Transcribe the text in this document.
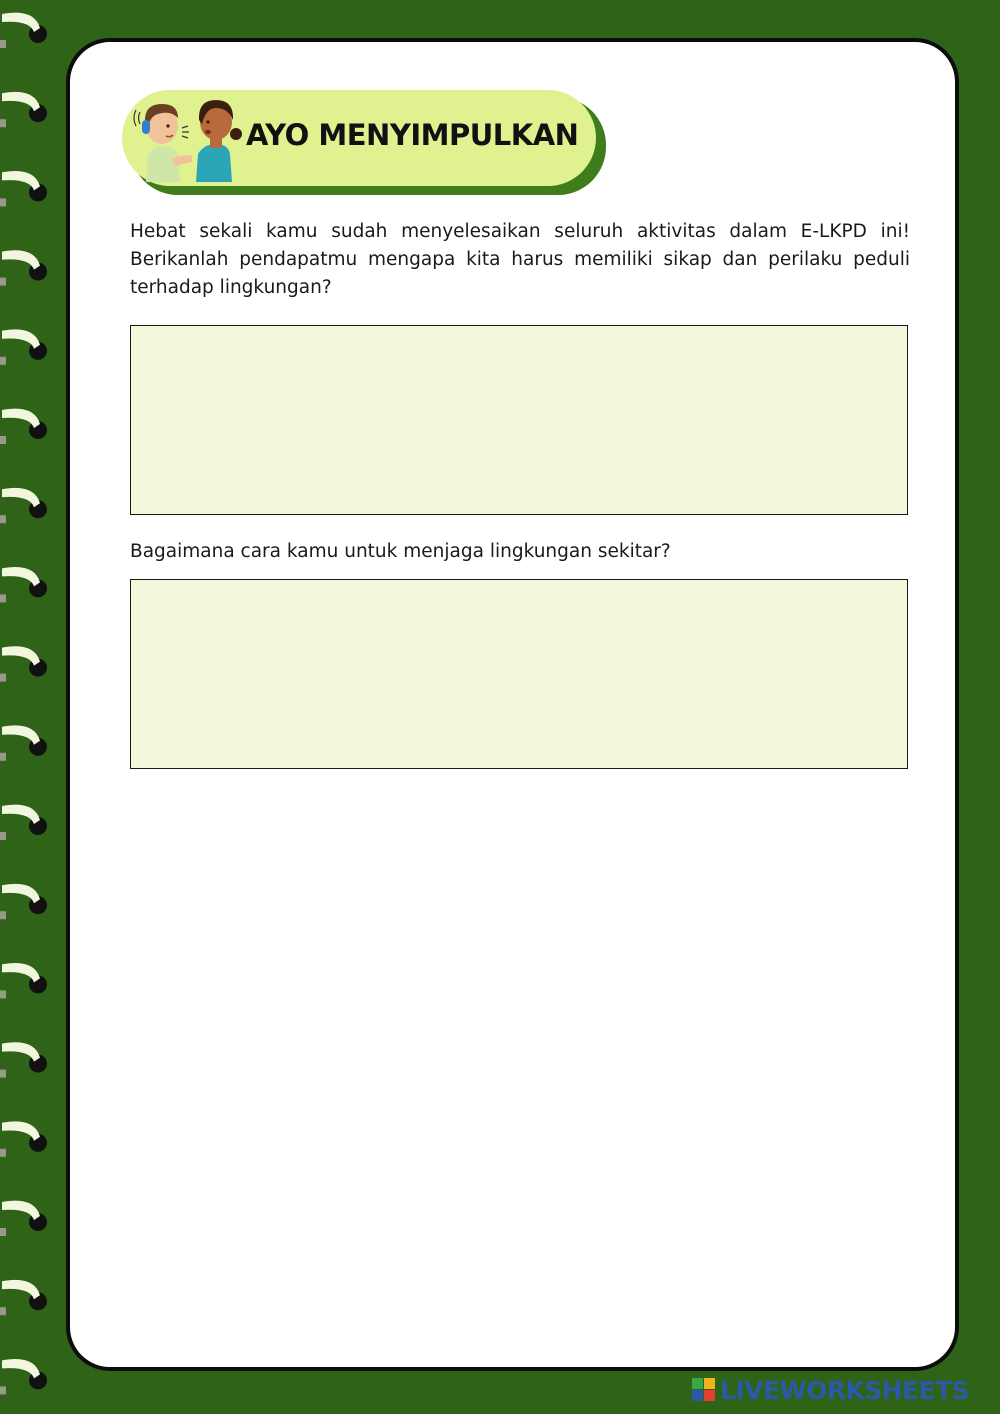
AYO MENYIMPULKAN
Hebat sekali kamu sudah menyelesaikan seluruh aktivitas dalam E-LKPD ini! Berikanlah pendapatmu mengapa kita harus memiliki sikap dan perilaku peduli terhadap lingkungan?
Bagaimana cara kamu untuk menjaga lingkungan sekitar?
LIVEWORKSHEETS
